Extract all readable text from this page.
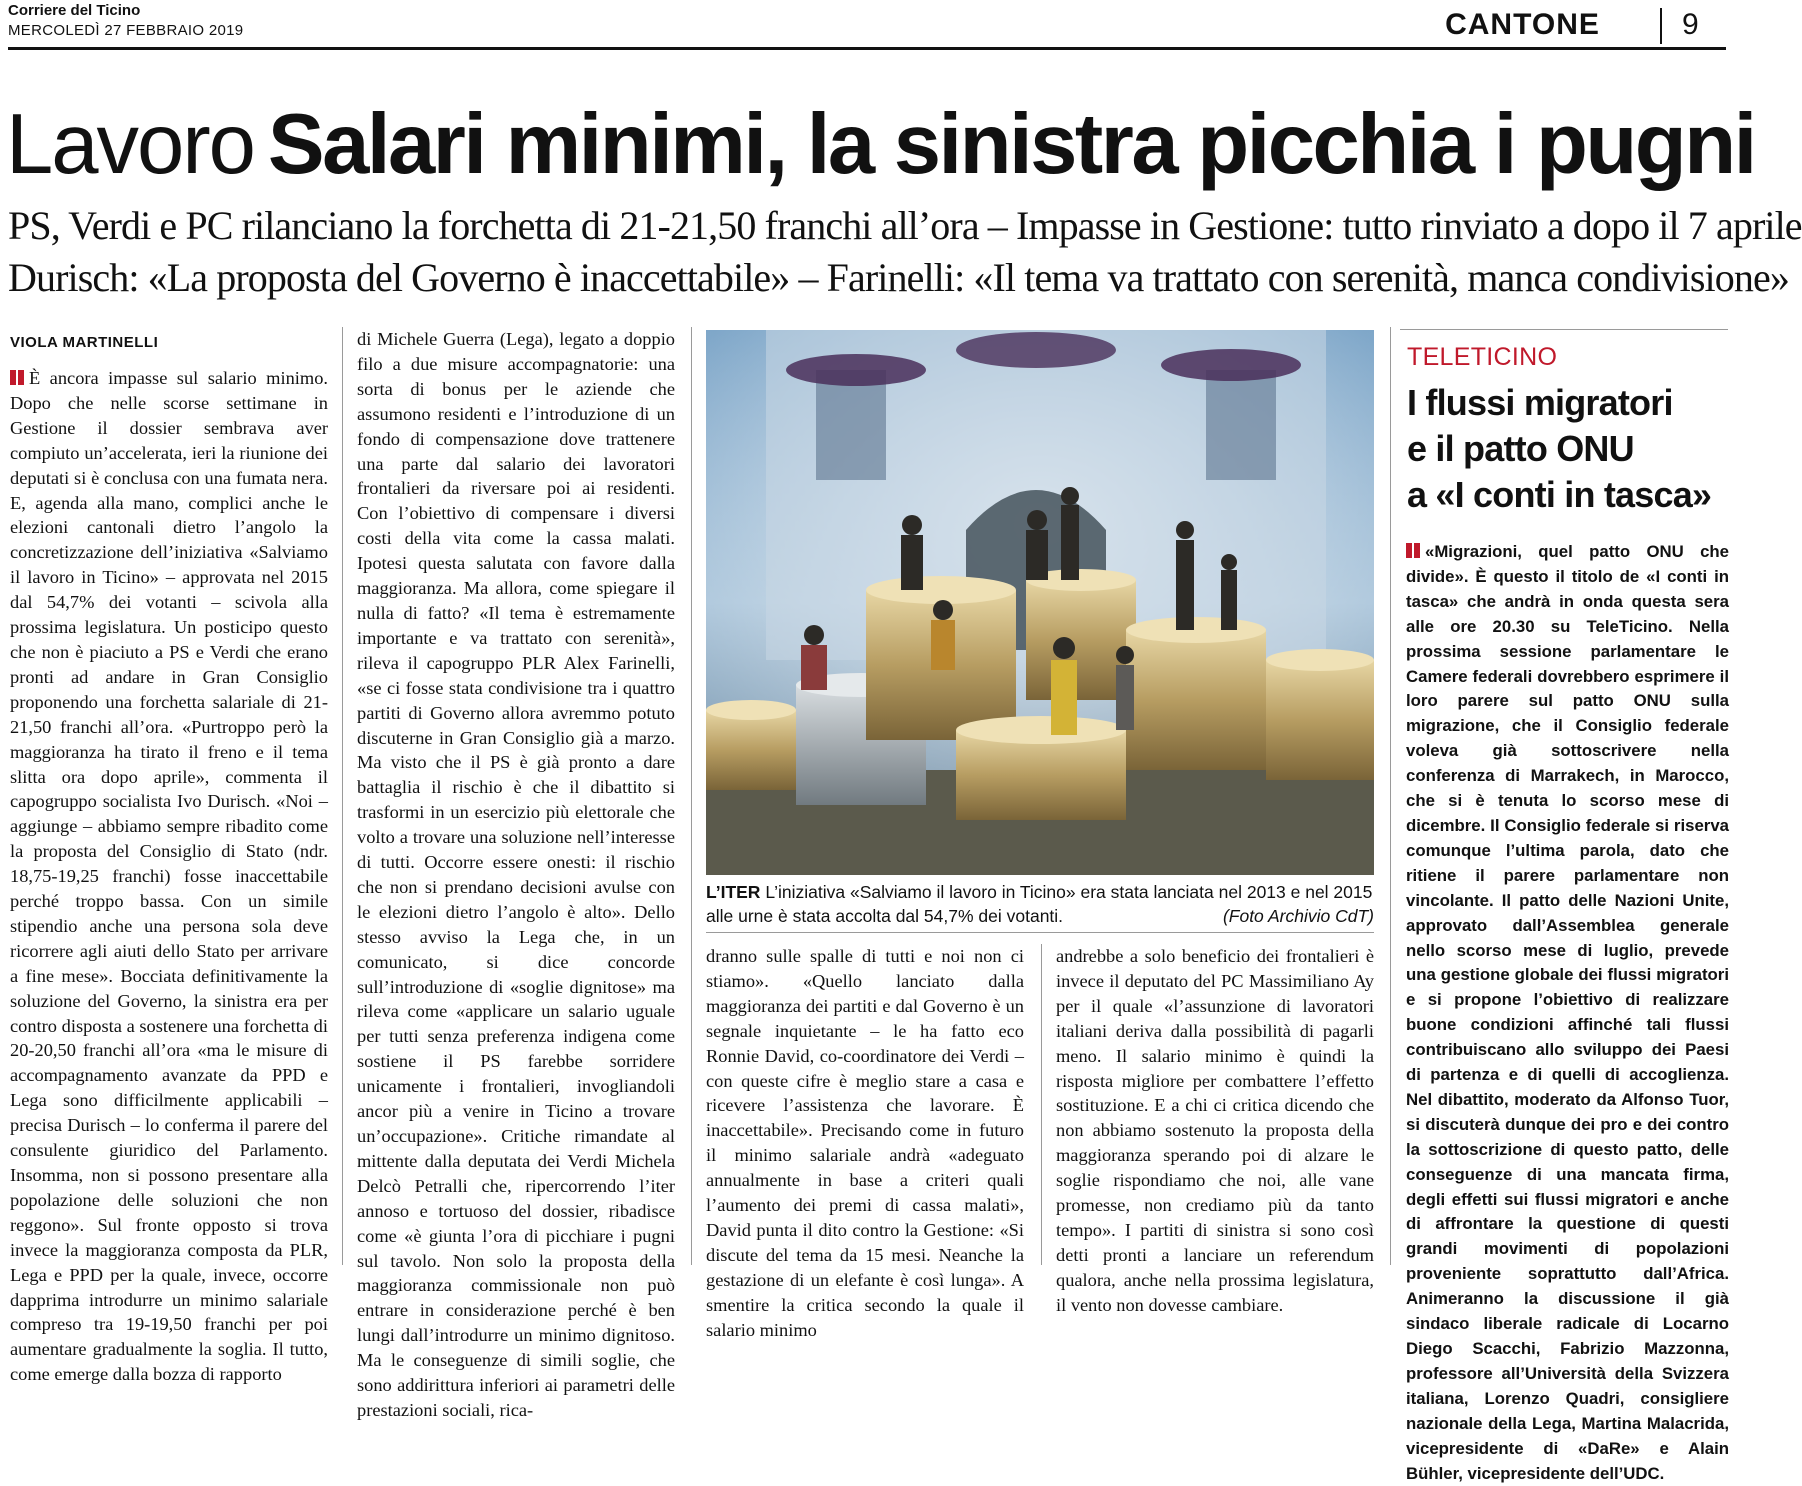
Corriere del Ticino
MERCOLEDÌ 27 FEBBRAIO 2019	CANTONE	9
Lavoro Salari minimi, la sinistra picchia i pugni
PS, Verdi e PC rilanciano la forchetta di 21-21,50 franchi all’ora – Impasse in Gestione: tutto rinviato a dopo il 7 aprile
Durisch: «La proposta del Governo è inaccettabile» – Farinelli: «Il tema va trattato con serenità, manca condivisione»
VIOLA MARTINELLI

È ancora impasse sul salario minimo. Dopo che nelle scorse settimane in Gestione il dossier sembrava aver compiuto un’accelerata, ieri la riunione dei deputati si è conclusa con una fumata nera. E, agenda alla mano, complici anche le elezioni cantonali dietro l’angolo la concretizzazione dell’iniziativa «Salviamo il lavoro in Ticino» – approvata nel 2015 dal 54,7% dei votanti – scivola alla prossima legislatura. Un posticipo questo che non è piaciuto a PS e Verdi che erano pronti ad andare in Gran Consiglio proponendo una forchetta salariale di 21-21,50 franchi all’ora. «Purtroppo però la maggioranza ha tirato il freno e il tema slitta ora dopo aprile», commenta il capogruppo socialista Ivo Durisch. «Noi – aggiunge – abbiamo sempre ribadito come la proposta del Consiglio di Stato (ndr. 18,75-19,25 franchi) fosse inaccettabile perché troppo bassa. Con un simile stipendio anche una persona sola deve ricorrere agli aiuti dello Stato per arrivare a fine mese». Bocciata definitivamente la soluzione del Governo, la sinistra era per contro disposta a sostenere una forchetta di 20-20,50 franchi all’ora «ma le misure di accompagnamento avanzate da PPD e Lega sono difficilmente applicabili – precisa Durisch – lo conferma il parere del consulente giuridico del Parlamento. Insomma, non si possono presentare alla popolazione delle soluzioni che non reggono». Sul fronte opposto si trova invece la maggioranza composta da PLR, Lega e PPD per la quale, invece, occorre dapprima introdurre un minimo salariale compreso tra 19-19,50 franchi per poi aumentare gradualmente la soglia. Il tutto, come emerge dalla bozza di rapporto

di Michele Guerra (Lega), legato a doppio filo a due misure accompagnatorie: una sorta di bonus per le aziende che assumono residenti e l’introduzione di un fondo di compensazione dove trattenere una parte dal salario dei lavoratori frontalieri da riversare poi ai residenti. Con l’obiettivo di compensare i diversi costi della vita come la cassa malati. Ipotesi questa salutata con favore dalla maggioranza. Ma allora, come spiegare il nulla di fatto? «Il tema è estremamente importante e va trattato con serenità», rileva il capogruppo PLR Alex Farinelli, «se ci fosse stata condivisione tra i quattro partiti di Governo allora avremmo potuto discuterne in Gran Consiglio già a marzo. Ma visto che il PS è già pronto a dare battaglia il rischio è che il dibattito si trasformi in un esercizio più elettorale che volto a trovare una soluzione nell’interesse di tutti. Occorre essere onesti: il rischio che non si prendano decisioni avulse con le elezioni dietro l’angolo è alto». Dello stesso avviso la Lega che, in un comunicato, si dice concorde sull’introduzione di «soglie dignitose» ma rileva come «applicare un salario uguale per tutti senza preferenza indigena come sostiene il PS farebbe sorridere unicamente i frontalieri, invogliandoli ancor più a venire in Ticino a trovare un’occupazione». Critiche rimandate al mittente dalla deputata dei Verdi Michela Delcò Petralli che, ripercorrendo l’iter annoso e tortuoso del dossier, ribadisce come «è giunta l’ora di picchiare i pugni sul tavolo. Non solo la proposta della maggioranza commissionale non può entrare in considerazione perché è ben lungi dall’introdurre un minimo dignitoso. Ma le conseguenze di simili soglie, che sono addirittura inferiori ai parametri delle prestazioni sociali, rica-

L’ITER L’iniziativa «Salviamo il lavoro in Ticino» era stata lanciata nel 2013 e nel 2015 alle urne è stata accolta dal 54,7% dei votanti.	(Foto Archivio CdT)

dranno sulle spalle di tutti e noi non ci stiamo». «Quello lanciato dalla maggioranza dei partiti e dal Governo è un segnale inquietante – le ha fatto eco Ronnie David, co-coordinatore dei Verdi – con queste cifre è meglio stare a casa e ricevere l’assistenza che lavorare. È inaccettabile». Precisando come in futuro il minimo salariale andrà «adeguato annualmente in base a criteri quali l’aumento dei premi di cassa malati», David punta il dito contro la Gestione: «Si discute del tema da 15 mesi. Neanche la gestazione di un elefante è così lunga». A smentire la critica secondo la quale il salario minimo

andrebbe a solo beneficio dei frontalieri è invece il deputato del PC Massimiliano Ay per il quale «l’assunzione di lavoratori italiani deriva dalla possibilità di pagarli meno. Il salario minimo è quindi la risposta migliore per combattere l’effetto sostituzione. E a chi ci critica dicendo che non abbiamo sostenuto la proposta della maggioranza sperando poi di alzare le soglie rispondiamo che noi, alle vane promesse, non crediamo più da tanto tempo». I partiti di sinistra si sono così detti pronti a lanciare un referendum qualora, anche nella prossima legislatura, il vento non dovesse cambiare.

TELETICINO
I flussi migratori
e il patto ONU
a «I conti in tasca»

«Migrazioni, quel patto ONU che divide». È questo il titolo de «I conti in tasca» che andrà in onda questa sera alle ore 20.30 su TeleTicino. Nella prossima sessione parlamentare le Camere federali dovrebbero esprimere il loro parere sul patto ONU sulla migrazione, che il Consiglio federale voleva già sottoscrivere nella conferenza di Marrakech, in Marocco, che si è tenuta lo scorso mese di dicembre. Il Consiglio federale si riserva comunque l’ultima parola, dato che ritiene il parere parlamentare non vincolante. Il patto delle Nazioni Unite, approvato dall’Assemblea generale nello scorso mese di luglio, prevede una gestione globale dei flussi migratori e si propone l’obiettivo di realizzare buone condizioni affinché tali flussi contribuiscano allo sviluppo dei Paesi di partenza e di quelli di accoglienza. Nel dibattito, moderato da Alfonso Tuor, si discuterà dunque dei pro e dei contro la sottoscrizione di questo patto, delle conseguenze di una mancata firma, degli effetti sui flussi migratori e anche di affrontare la questione di questi grandi movimenti di popolazioni proveniente soprattutto dall’Africa. Animeranno la discussione il già sindaco liberale radicale di Locarno Diego Scacchi, Fabrizio Mazzonna, professore all’Università della Svizzera italiana, Lorenzo Quadri, consigliere nazionale della Lega, Martina Malacrida, vicepresidente di «DaRe» e Alain Bühler, vicepresidente dell’UDC.
